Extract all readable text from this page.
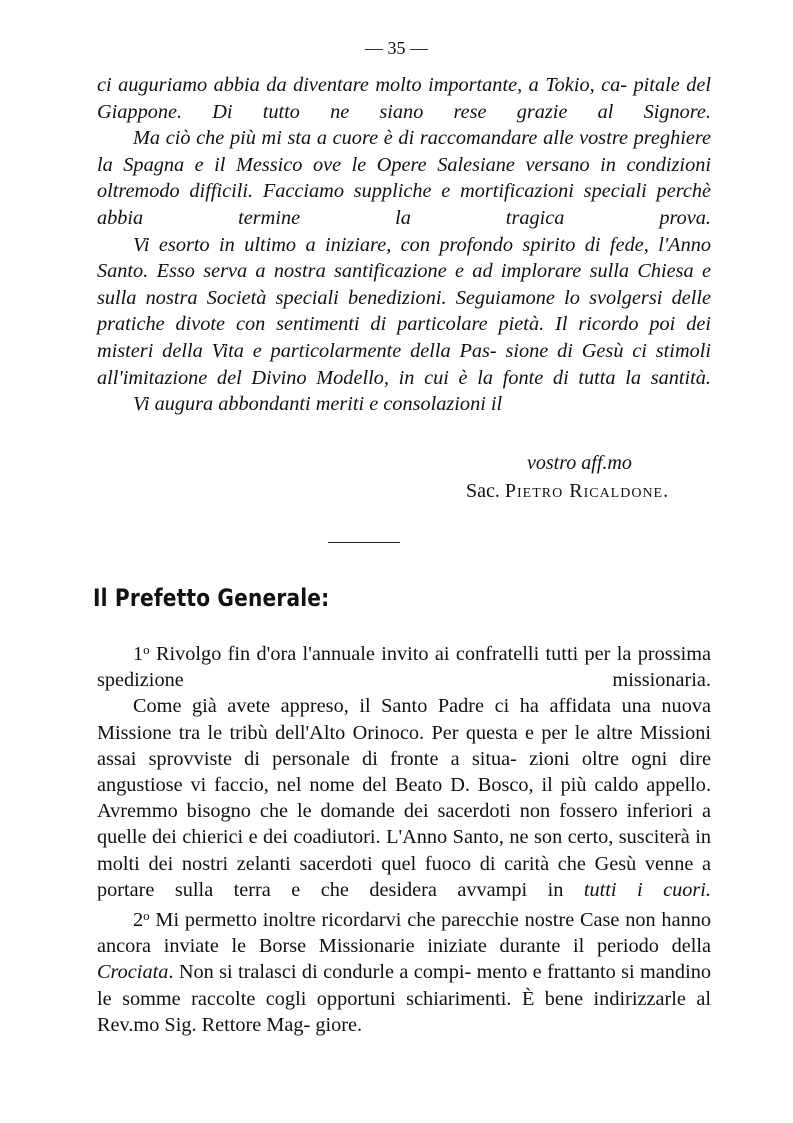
— 35 —

ci auguriamo abbia da diventare molto importante, a Tokio, ca- pitale del Giappone. Di tutto ne siano rese grazie al Signore.

Ma ciò che più mi sta a cuore è di raccomandare alle vostre preghiere la Spagna e il Messico ove le Opere Salesiane versano in condizioni oltremodo difficili. Facciamo suppliche e mortificazioni speciali perchè abbia termine la tragica prova.

Vi esorto in ultimo a iniziare, con profondo spirito di fede, l'Anno Santo. Esso serva a nostra santificazione e ad implorare sulla Chiesa e sulla nostra Società speciali benedizioni. Seguiamone lo svolgersi delle pratiche divote con sentimenti di particolare pietà. Il ricordo poi dei misteri della Vita e particolarmente della Pas- sione di Gesù ci stimoli all'imitazione del Divino Modello, in cui è la fonte di tutta la santità.

Vi augura abbondanti meriti e consolazioni il

vostro aff.mo
Sac. Pietro Ricaldone.
Il Prefetto Generale:

1$^o$ Rivolgo fin d'ora l'annuale invito ai confratelli tutti per la prossima spedizione missionaria.

Come già avete appreso, il Santo Padre ci ha affidata una nuova Missione tra le tribù dell'Alto Orinoco. Per questa e per le altre Missioni assai sprovviste di personale di fronte a situa- zioni oltre ogni dire angustiose vi faccio, nel nome del Beato D. Bosco, il più caldo appello. Avremmo bisogno che le domande dei sacerdoti non fossero inferiori a quelle dei chierici e dei coadiutori. L'Anno Santo, ne son certo, susciterà in molti dei nostri zelanti sacerdoti quel fuoco di carità che Gesù venne a portare sulla terra e che desidera avvampi in tutti i cuori.

2$^o$ Mi permetto inoltre ricordarvi che parecchie nostre Case non hanno ancora inviate le Borse Missionarie iniziate durante il periodo della Crociata. Non si tralasci di condurle a compi- mento e frattanto si mandino le somme raccolte cogli opportuni schiarimenti. È bene indirizzarle al Rev.mo Sig. Rettore Mag- giore.
